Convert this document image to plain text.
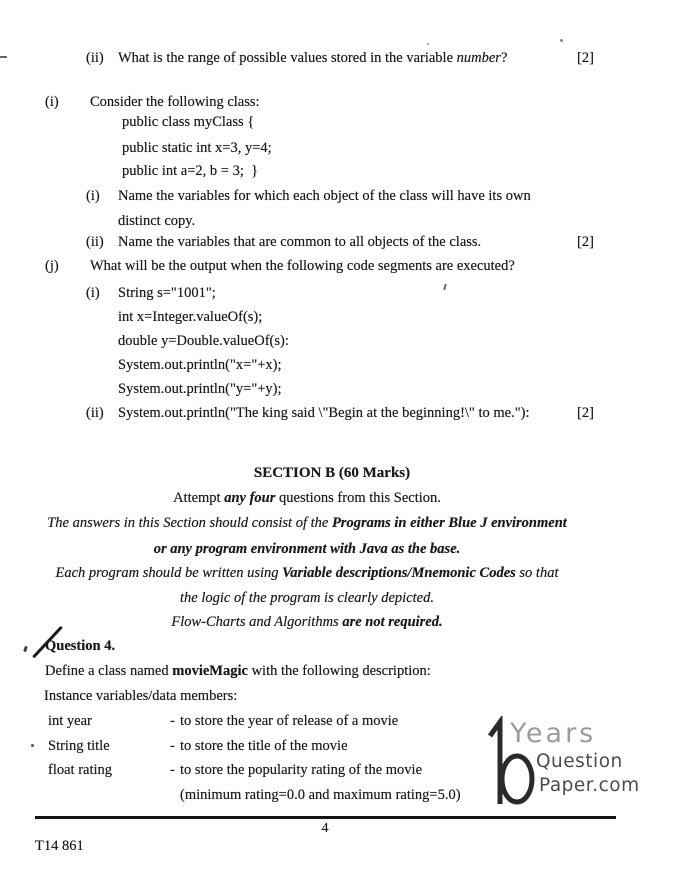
(ii) What is the range of possible values stored in the variable number?	[2]
(i) Consider the following class:
public class myClass {
public static int x=3, y=4;
public int a=2, b = 3;  }
(i) Name the variables for which each object of the class will have its own
distinct copy.
(ii) Name the variables that are common to all objects of the class.	[2]
(j) What will be the output when the following code segments are executed?
(i) String s="1001";
int x=Integer.valueOf(s);
double y=Double.valueOf(s):
System.out.println("x="+x);
System.out.println("y="+y);
(ii) System.out.println("The king said \"Begin at the beginning!\" to me."):	[2]
SECTION B (60 Marks)
Attempt any four questions from this Section.
The answers in this Section should consist of the Programs in either Blue J environment
or any program environment with Java as the base.
Each program should be written using Variable descriptions/Mnemonic Codes so that
the logic of the program is clearly depicted.
Flow-Charts and Algorithms are not required.
Question 4.
Define a class named movieMagic with the following description:
Instance variables/data members:
int year	- to store the year of release of a movie
String title	- to store the title of the movie
float rating	- to store the popularity rating of the movie
(minimum rating=0.0 and maximum rating=5.0)
Years
Question
Paper.com
4
T14 861
